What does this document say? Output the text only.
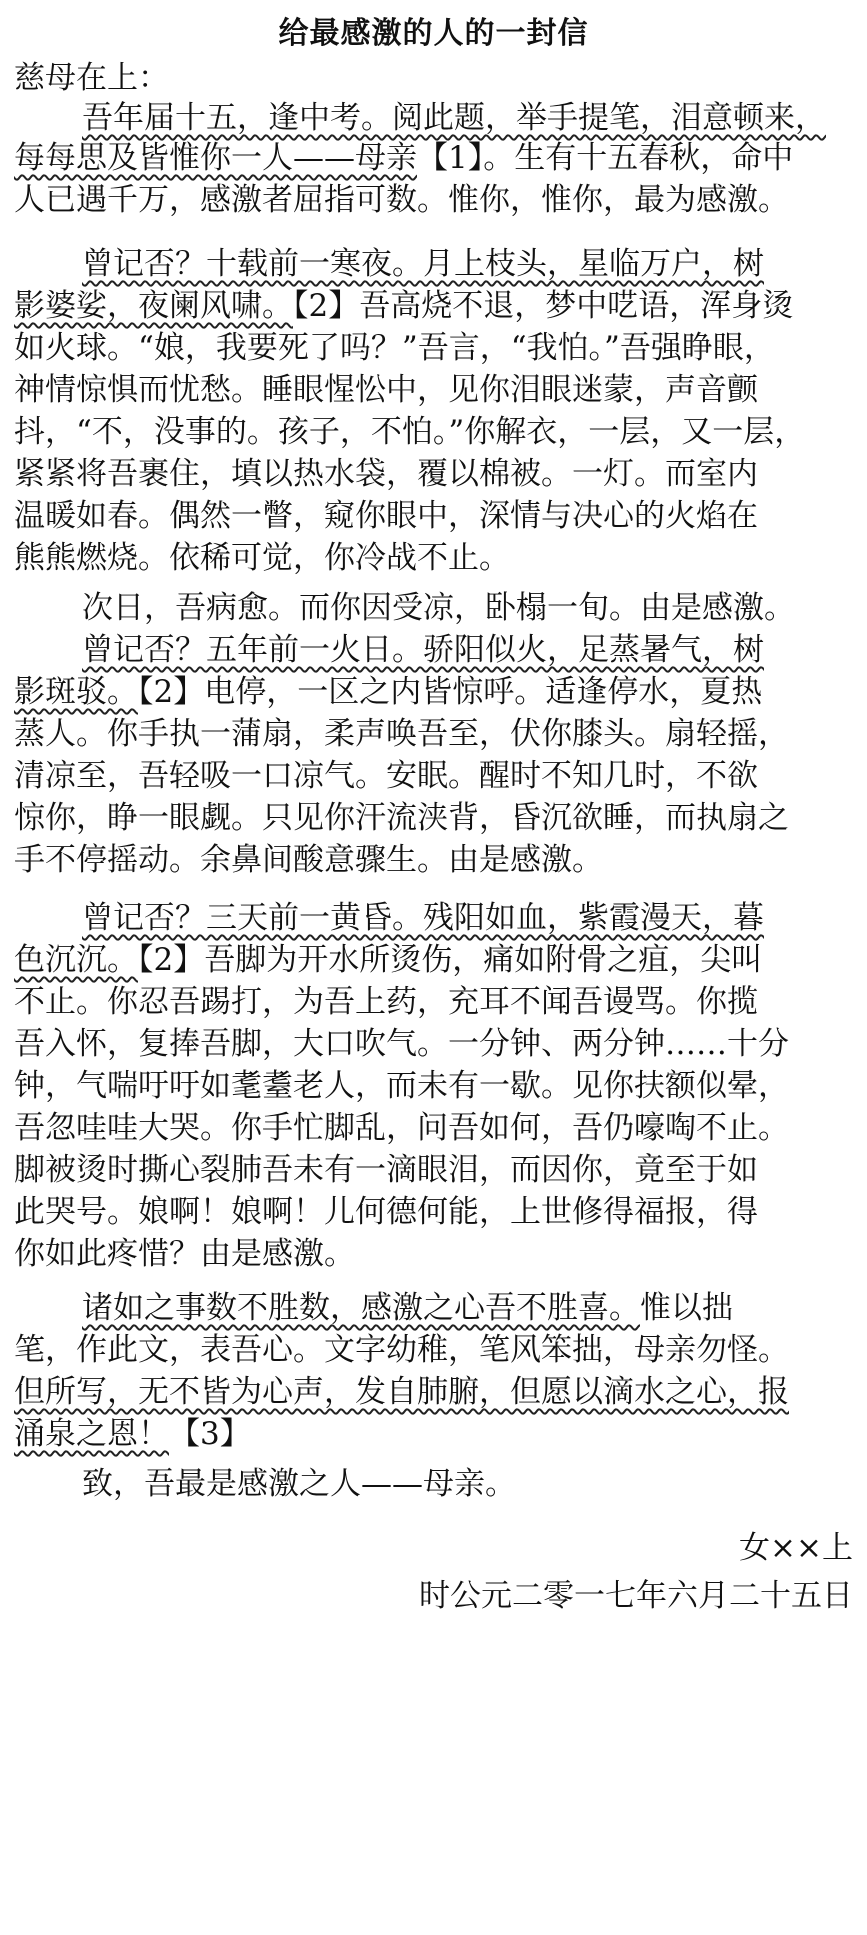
给最感激的人的一封信
慈母在上：
吾年届十五，逢中考。阅此题，举手提笔，泪意顿来，
每每思及皆惟你一人——母亲【1】。生有十五春秋，命中
人已遇千万，感激者屈指可数。惟你，惟你，最为感激。
曾记否？十载前一寒夜。月上枝头，星临万户，树
影婆娑，夜阑风啸。【2】吾高烧不退，梦中呓语，浑身烫
如火球。“娘，我要死了吗？”吾言，“我怕。”吾强睁眼，
神情惊惧而忧愁。睡眼惺忪中，见你泪眼迷蒙，声音颤
抖，“不，没事的。孩子，不怕。”你解衣，一层，又一层，
紧紧将吾裹住，填以热水袋，覆以棉被。一灯。而室内
温暖如春。偶然一瞥，窥你眼中，深情与决心的火焰在
熊熊燃烧。依稀可觉，你冷战不止。
次日，吾病愈。而你因受凉，卧榻一旬。由是感激。
曾记否？五年前一火日。骄阳似火，足蒸暑气，树
影斑驳。【2】电停，一区之内皆惊呼。适逢停水，夏热
蒸人。你手执一蒲扇，柔声唤吾至，伏你膝头。扇轻摇，
清凉至，吾轻吸一口凉气。安眠。醒时不知几时，不欲
惊你，睁一眼觑。只见你汗流浃背，昏沉欲睡，而执扇之
手不停摇动。余鼻间酸意骤生。由是感激。
曾记否？三天前一黄昏。残阳如血，紫霞漫天，暮
色沉沉。【2】吾脚为开水所烫伤，痛如附骨之疽，尖叫
不止。你忍吾踢打，为吾上药，充耳不闻吾谩骂。你揽
吾入怀，复捧吾脚，大口吹气。一分钟、两分钟……十分
钟，气喘吁吁如耄耋老人，而未有一歇。见你扶额似晕，
吾忽哇哇大哭。你手忙脚乱，问吾如何，吾仍嚎啕不止。
脚被烫时撕心裂肺吾未有一滴眼泪，而因你，竟至于如
此哭号。娘啊！娘啊！儿何德何能，上世修得福报，得
你如此疼惜？由是感激。
诸如之事数不胜数，感激之心吾不胜喜。惟以拙
笔，作此文，表吾心。文字幼稚，笔风笨拙，母亲勿怪。
但所写，无不皆为心声，发自肺腑，但愿以滴水之心，报
涌泉之恩！【3】
致，吾最是感激之人——母亲。
女××上
时公元二零一七年六月二十五日
